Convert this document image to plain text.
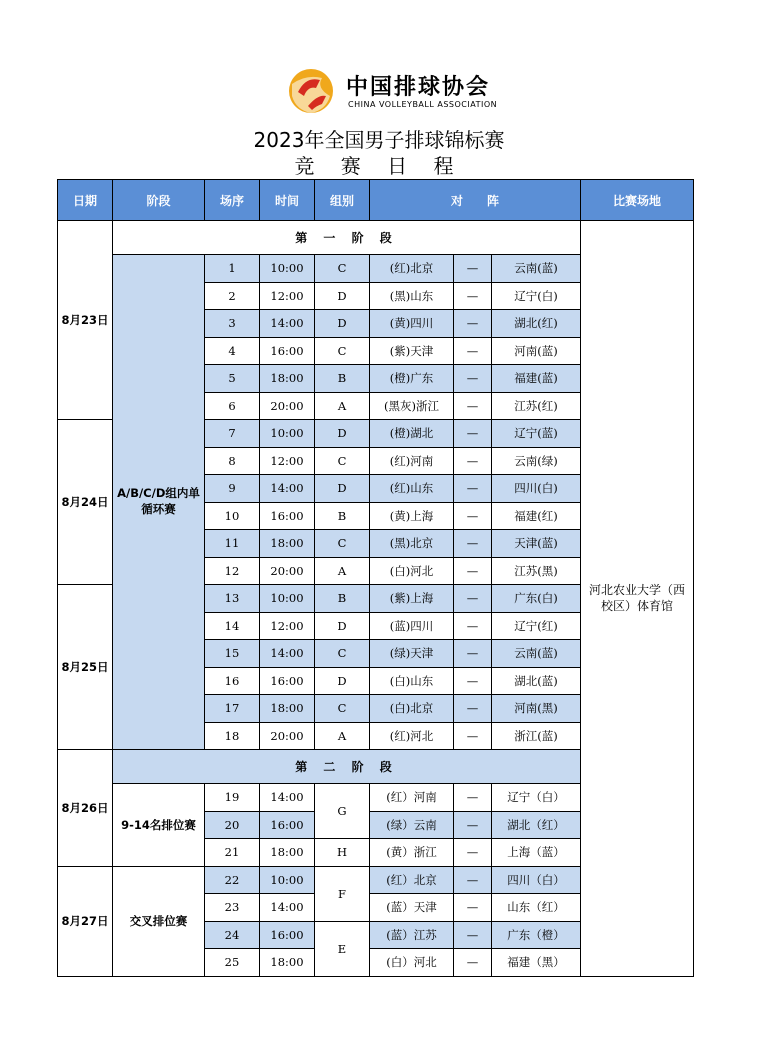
中国排球协会
CHINA VOLLEYBALL ASSOCIATION
2023年全国男子排球锦标赛
竞 赛 日 程
日期	阶段	场序	时间	组别	对　　阵			比赛场地
8月23日	第 一 阶 段							河北农业大学（西校区）体育馆
	A/B/C/D组内单循环赛	1	10:00	C	(红)北京	—	云南(蓝)	
		2	12:00	D	(黑)山东	—	辽宁(白)	
		3	14:00	D	(黄)四川	—	湖北(红)	
		4	16:00	C	(紫)天津	—	河南(蓝)	
		5	18:00	B	(橙)广东	—	福建(蓝)	
		6	20:00	A	(黑灰)浙江	—	江苏(红)	
8月24日		7	10:00	D	(橙)湖北	—	辽宁(蓝)	
		8	12:00	C	(红)河南	—	云南(绿)	
		9	14:00	D	(红)山东	—	四川(白)	
		10	16:00	B	(黄)上海	—	福建(红)	
		11	18:00	C	(黑)北京	—	天津(蓝)	
		12	20:00	A	(白)河北	—	江苏(黑)	
8月25日		13	10:00	B	(紫)上海	—	广东(白)	
		14	12:00	D	(蓝)四川	—	辽宁(红)	
		15	14:00	C	(绿)天津	—	云南(蓝)	
		16	16:00	D	(白)山东	—	湖北(蓝)	
		17	18:00	C	(白)北京	—	河南(黑)	
		18	20:00	A	(红)河北	—	浙江(蓝)	
8月26日	第 二 阶 段							
	9-14名排位赛	19	14:00	G	(红）河南	—	辽宁（白）	
		20	16:00		(绿）云南	—	湖北（红）	
		21	18:00	H	(黄）浙江	—	上海（蓝）	
8月27日	交叉排位赛	22	10:00	F	(红）北京	—	四川（白）	
		23	14:00		(蓝）天津	—	山东（红）	
		24	16:00	E	(蓝）江苏	—	广东（橙）	
		25	18:00		(白）河北	—	福建（黑）	
